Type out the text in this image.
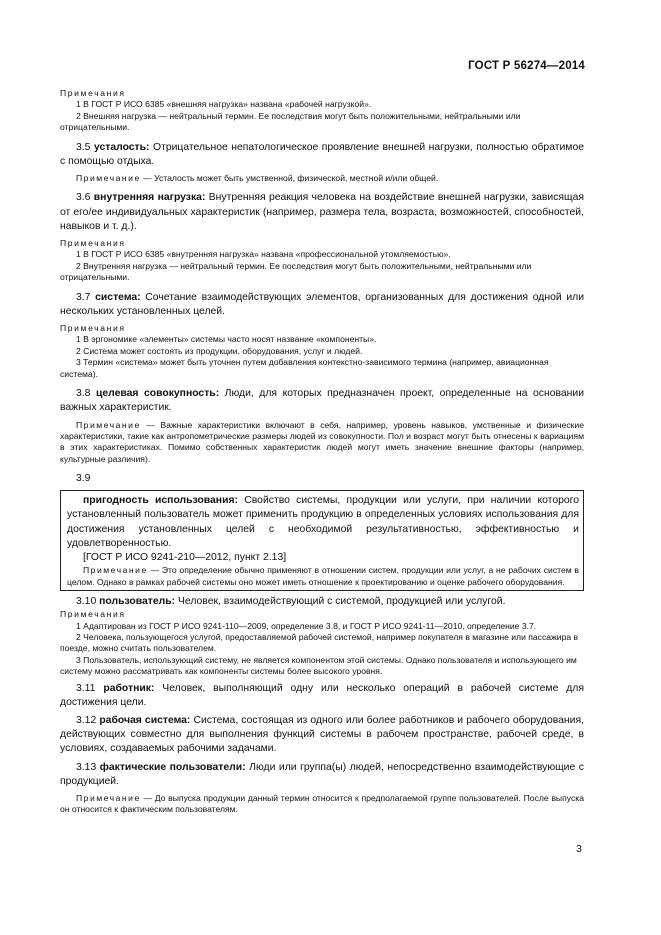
ГОСТ Р 56274—2014

Примечания

1 В ГОСТ Р ИСО 6385 «внешняя нагрузка» названа «рабочей нагрузкой».

2 Внешняя нагрузка — нейтральный термин. Ее последствия могут быть положительными, нейтральными или отрицательными.

3.5 усталость: Отрицательное непатологическое проявление внешней нагрузки, полностью обратимое с помощью отдыха.

Примечание — Усталость может быть умственной, физической, местной и/или общей.

3.6 внутренняя нагрузка: Внутренняя реакция человека на воздействие внешней нагрузки, зависящая от его/ее индивидуальных характеристик (например, размера тела, возраста, возможностей, способностей, навыков и т. д.).

Примечания

1 В ГОСТ Р ИСО 6385 «внутренняя нагрузка» названа «профессиональной утомляемостью».

2 Внутренняя нагрузка — нейтральный термин. Ее последствия могут быть положительными, нейтральными или отрицательными.

3.7 система: Сочетание взаимодействующих элементов, организованных для достижения одной или нескольких установленных целей.

Примечания

1 В эргономике «элементы» системы часто носят название «компоненты».

2 Система может состоять из продукции, оборудования, услуг и людей.

3 Термин «система» может быть уточнен путем добавления контекстно-зависимого термина (например, авиационная система).

3.8 целевая совокупность: Люди, для которых предназначен проект, определенные на основании важных характеристик.

Примечание — Важные характеристики включают в себя, например, уровень навыков, умственные и физические характеристики, такие как антропометрические размеры людей из совокупности. Пол и возраст могут быть отнесены к вариациям в этих характеристиках. Помимо собственных характеристик людей могут иметь значение внешние факторы (например, культурные различия).

3.9

пригодность использования: Свойство системы, продукции или услуги, при наличии которого установленный пользователь может применить продукцию в определенных условиях использования для достижения установленных целей с необходимой результативностью, эффективностью и удовлетворенностью.

[ГОСТ Р ИСО 9241-210—2012, пункт 2.13]

Примечание — Это определение обычно применяют в отношении систем, продукции или услуг, а не рабочих систем в целом. Однако в рамках рабочей системы оно может иметь отношение к проектированию и оценке рабочего оборудования.

3.10 пользователь: Человек, взаимодействующий с системой, продукцией или услугой.

Примечания

1 Адаптирован из ГОСТ Р ИСО 9241-110—2009, определение 3.8, и ГОСТ Р ИСО 9241-11—2010, определение 3.7.

2 Человека, пользующегося услугой, предоставляемой рабочей системой, например покупателя в магазине или пассажира в поезде, можно считать пользователем.

3 Пользователь, использующий систему, не является компонентом этой системы. Однако пользователя и использующего им систему можно рассматривать как компоненты системы более высокого уровня.

3.11 работник: Человек, выполняющий одну или несколько операций в рабочей системе для достижения цели.

3.12 рабочая система: Система, состоящая из одного или более работников и рабочего оборудования, действующих совместно для выполнения функций системы в рабочем пространстве, рабочей среде, в условиях, создаваемых рабочими задачами.

3.13 фактические пользователи: Люди или группа(ы) людей, непосредственно взаимодействующие с продукцией.

Примечание — До выпуска продукции данный термин относится к предполагаемой группе пользователей. После выпуска он относится к фактическим пользователям.

3
